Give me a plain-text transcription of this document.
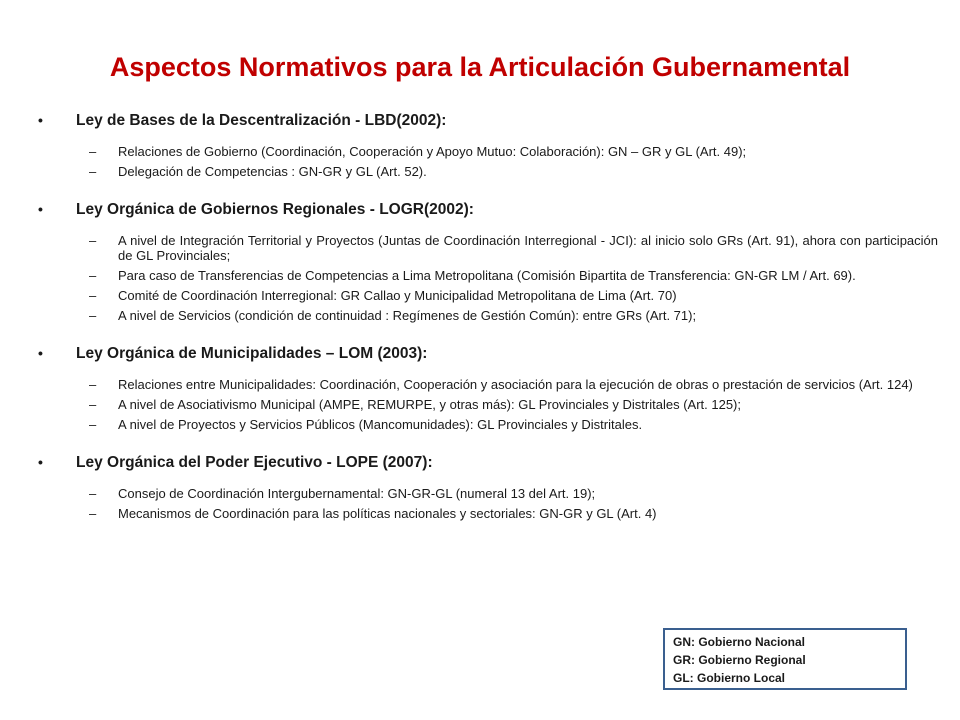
Aspectos Normativos para la Articulación Gubernamental
•	Ley de Bases de la Descentralización - LBD(2002):
–	Relaciones de Gobierno (Coordinación, Cooperación y Apoyo Mutuo: Colaboración): GN – GR y GL (Art. 49);
–	Delegación de Competencias : GN-GR y GL (Art. 52).
•	Ley Orgánica de Gobiernos Regionales - LOGR(2002):
–	A nivel de Integración Territorial y Proyectos (Juntas de Coordinación Interregional - JCI): al inicio solo GRs (Art. 91), ahora con participación de GL Provinciales;
–	Para caso de Transferencias de Competencias a Lima Metropolitana (Comisión Bipartita de Transferencia: GN-GR LM / Art. 69).
–	Comité de Coordinación Interregional: GR Callao y Municipalidad Metropolitana de Lima (Art. 70)
–	A nivel de Servicios (condición de continuidad : Regímenes de Gestión Común): entre GRs (Art. 71);
•	Ley Orgánica de Municipalidades – LOM (2003):
–	Relaciones entre Municipalidades: Coordinación, Cooperación y asociación para la ejecución de obras o prestación de servicios (Art. 124)
–	A nivel de Asociativismo Municipal (AMPE, REMURPE, y otras más): GL Provinciales y Distritales (Art. 125);
–	A nivel de Proyectos y Servicios Públicos (Mancomunidades): GL Provinciales y Distritales.
•	Ley Orgánica del Poder Ejecutivo - LOPE (2007):
–	Consejo de Coordinación Intergubernamental: GN-GR-GL (numeral 13 del Art. 19);
–	Mecanismos de Coordinación para las políticas nacionales y sectoriales: GN-GR y GL (Art. 4)
GN: Gobierno Nacional
GR: Gobierno Regional
GL: Gobierno Local
